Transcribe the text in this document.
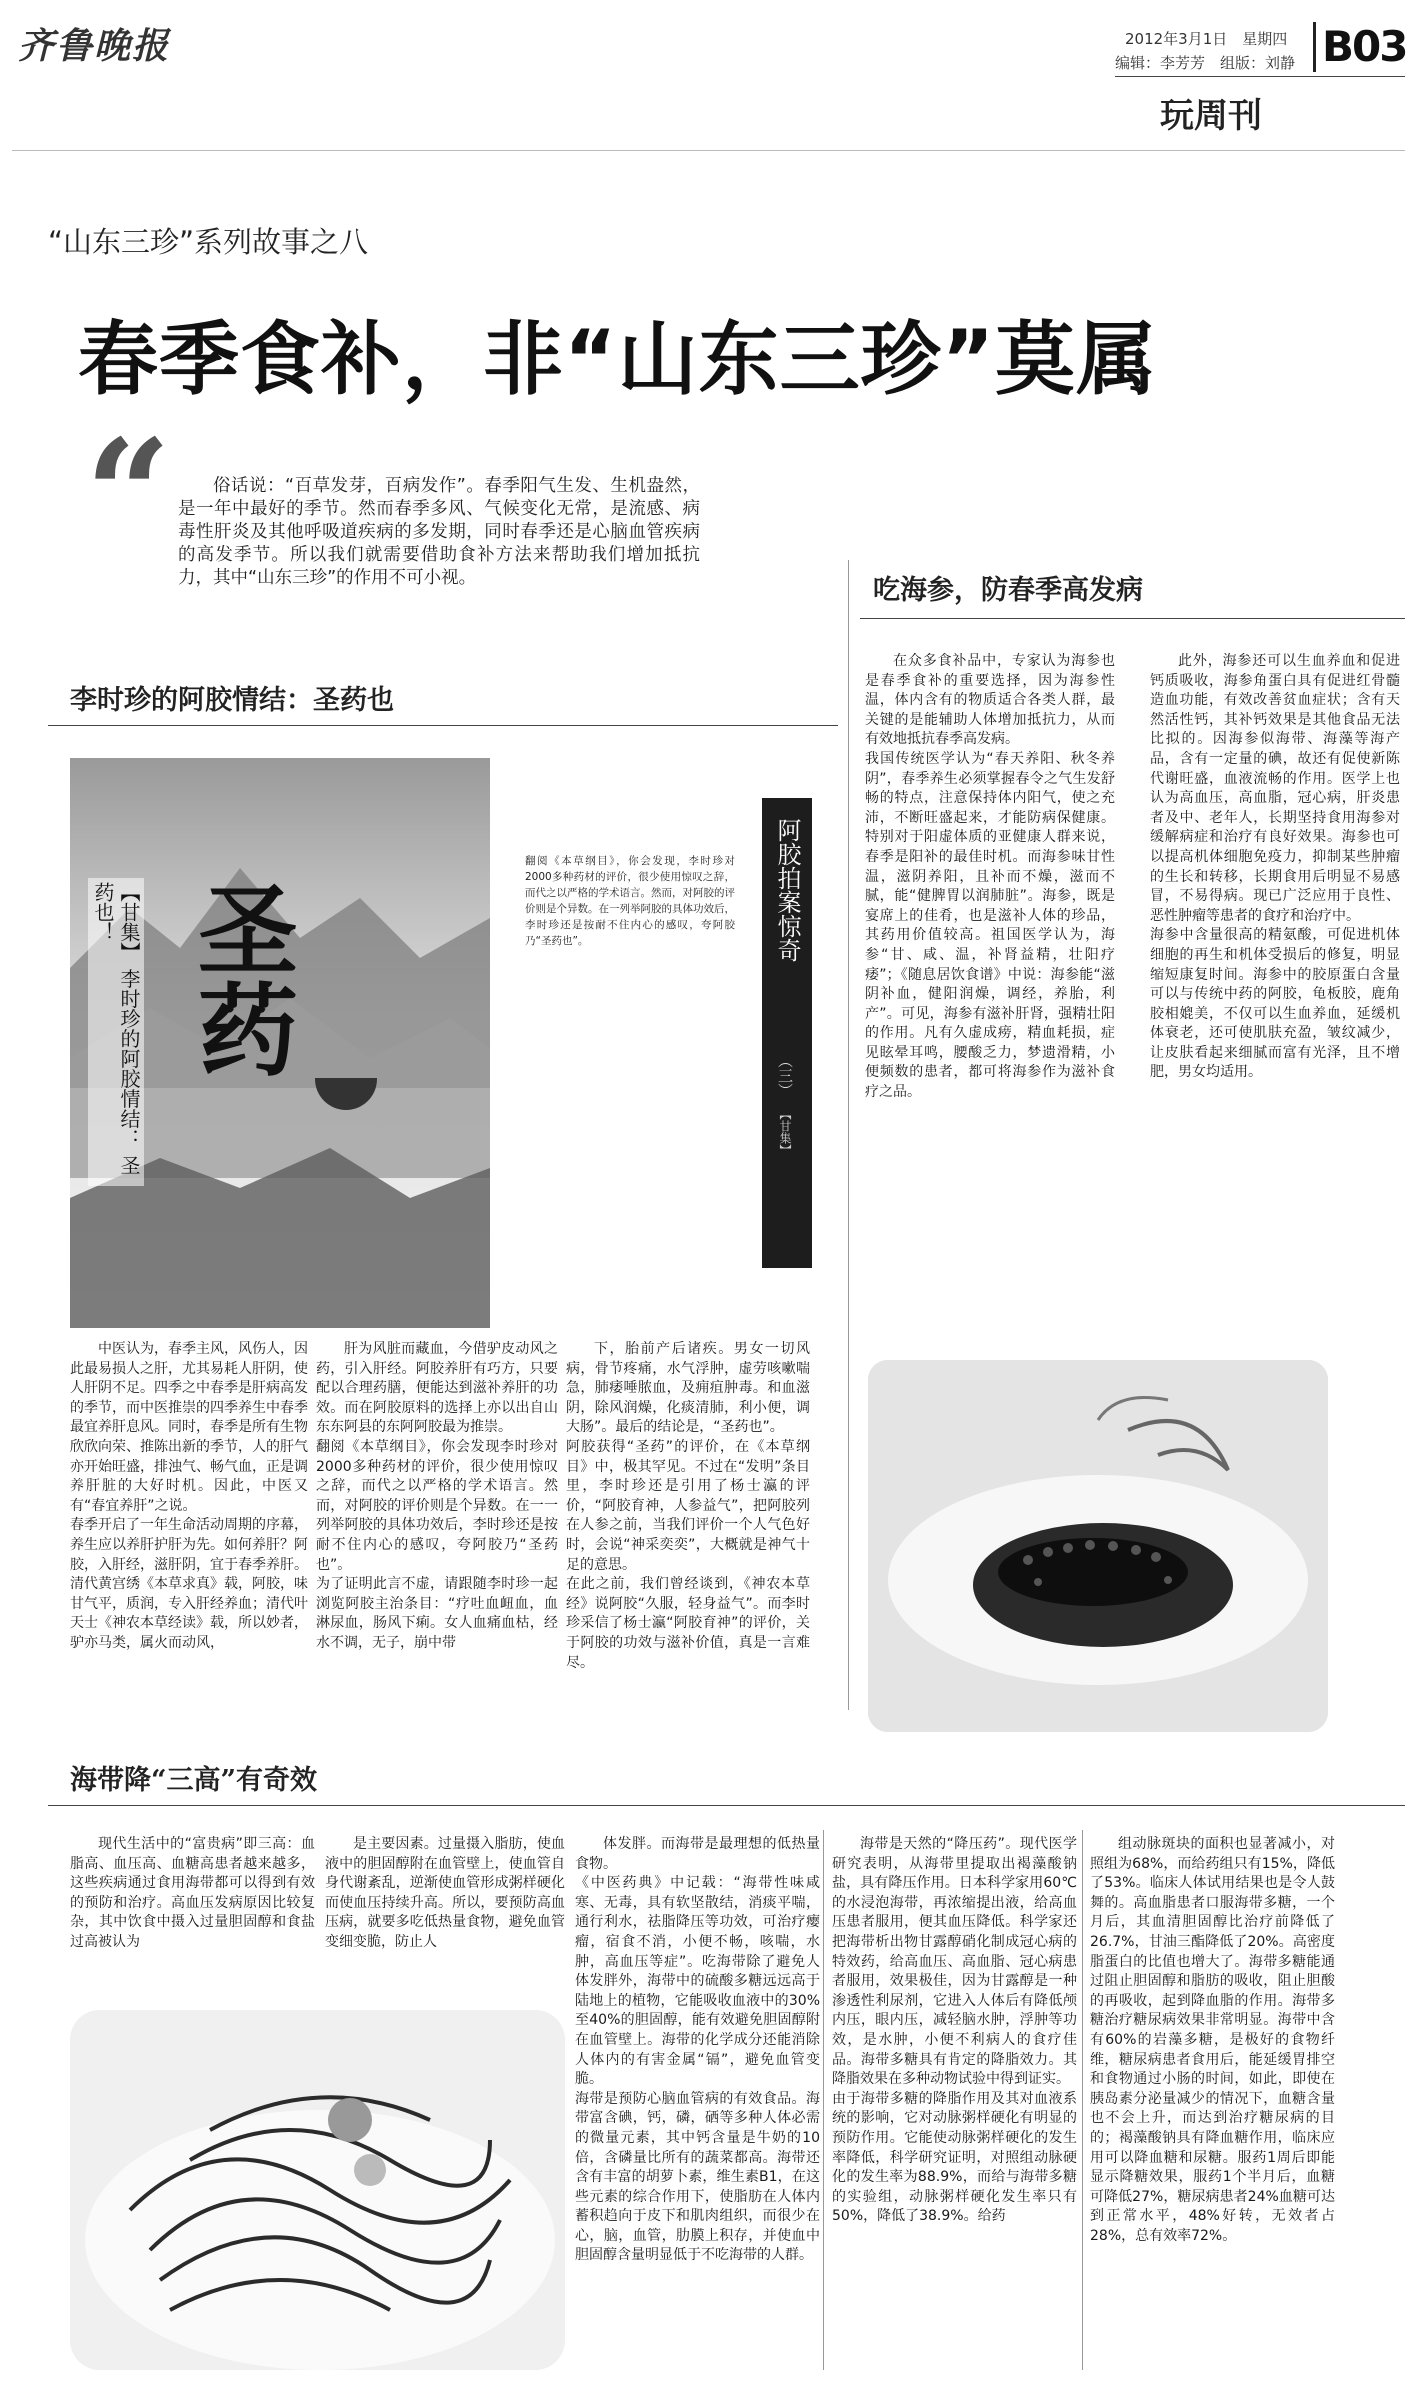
齐鲁晚报	2012年3月1日　星期四
编辑：李芳芳　组版：刘静 B03
玩周刊
“山东三珍”系列故事之八
春季食补，非“山东三珍”莫属
“	俗话说：“百草发芽，百病发作”。春季阳气生发、生机盎然，是一年中最好的季节。然而春季多风、气候变化无常，是流感、病毒性肝炎及其他呼吸道疾病的多发期，同时春季还是心脑血管疾病的高发季节。所以我们就需要借助食补方法来帮助我们增加抵抗力，其中“山东三珍”的作用不可小视。
李时珍的阿胶情结：圣药也
圣药
【甘集】 李时珍的阿胶情结： 圣药也！
翻阅《本草纲目》，你会发现，李时珍对2000多种药材的评价，很少使用惊叹之辞，而代之以严格的学术语言。然而，对阿胶的评价则是个异数。在一列举阿胶的具体功效后，李时珍还是按耐不住内心的感叹，夸阿胶乃“圣药也”。	阿胶拍案惊奇
（三）
【甘集】

中医认为，春季主风，风伤人，因此最易损人之肝，尤其易耗人肝阴，使人肝阴不足。四季之中春季是肝病高发的季节，而中医推崇的四季养生中春季最宜养肝息风。同时，春季是所有生物欣欣向荣、推陈出新的季节，人的肝气亦开始旺盛，排浊气、畅气血，正是调养肝脏的大好时机。因此，中医又有“春宜养肝”之说。
春季开启了一年生命活动周期的序幕，养生应以养肝护肝为先。如何养肝？阿胶，入肝经，滋肝阴，宜于春季养肝。清代黄宫绣《本草求真》载，阿胶，味甘气平，质润，专入肝经养血；清代叶天士《神农本草经读》载，所以妙者，驴亦马类，属火而动风，

肝为风脏而藏血，今借驴皮动风之药，引入肝经。阿胶养肝有巧方，只要配以合理药膳，便能达到滋补养肝的功效。而在阿胶原料的选择上亦以出自山东东阿县的东阿阿胶最为推崇。
翻阅《本草纲目》，你会发现李时珍对2000多种药材的评价，很少使用惊叹之辞，而代之以严格的学术语言。然而，对阿胶的评价则是个异数。在一一列举阿胶的具体功效后，李时珍还是按耐不住内心的感叹，夸阿胶乃“圣药也”。
为了证明此言不虚，请跟随李时珍一起浏览阿胶主治条目：“疗吐血衄血，血淋尿血，肠风下痢。女人血痛血枯，经水不调，无子，崩中带

下，胎前产后诸疾。男女一切风病，骨节疼痛，水气浮肿，虚劳咳嗽喘急，肺痿唾脓血，及痈疽肿毒。和血滋阴，除风润燥，化痰清肺，利小便，调大肠”。最后的结论是，“圣药也”。
阿胶获得“圣药”的评价，在《本草纲目》中，极其罕见。不过在“发明”条目里，李时珍还是引用了杨士瀛的评价，“阿胶育神，人参益气”，把阿胶列在人参之前，当我们评价一个人气色好时，会说“神采奕奕”，大概就是神气十足的意思。
在此之前，我们曾经谈到，《神农本草经》说阿胶“久服，轻身益气”。而李时珍采信了杨士瀛“阿胶育神”的评价，关于阿胶的功效与滋补价值，真是一言难尽。

吃海参，防春季高发病

在众多食补品中，专家认为海参也是春季食补的重要选择，因为海参性温，体内含有的物质适合各类人群，最关键的是能辅助人体增加抵抗力，从而有效地抵抗春季高发病。
我国传统医学认为“春天养阳、秋冬养阴”，春季养生必须掌握春令之气生发舒畅的特点，注意保持体内阳气，使之充沛，不断旺盛起来，才能防病保健康。特别对于阳虚体质的亚健康人群来说，春季是阳补的最佳时机。而海参味甘性温，滋阴养阳，且补而不燥，滋而不腻，能“健脾胃以润肺脏”。海参，既是宴席上的佳肴，也是滋补人体的珍品，其药用价值较高。祖国医学认为，海参“甘、咸、温，补肾益精，壮阳疗痿”；《随息居饮食谱》中说：海参能“滋阴补血，健阳润燥，调经，养胎，利产”。可见，海参有滋补肝肾，强精壮阳的作用。凡有久虚成痨，精血耗损，症见眩晕耳鸣，腰酸乏力，梦遗滑精，小便频数的患者，都可将海参作为滋补食疗之品。

此外，海参还可以生血养血和促进钙质吸收，海参角蛋白具有促进红骨髓造血功能，有效改善贫血症状；含有天然活性钙，其补钙效果是其他食品无法比拟的。因海参似海带、海藻等海产品，含有一定量的碘，故还有促使新陈代谢旺盛，血液流畅的作用。医学上也认为高血压，高血脂，冠心病，肝炎患者及中、老年人，长期坚持食用海参对缓解病症和治疗有良好效果。海参也可以提高机体细胞免疫力，抑制某些肿瘤的生长和转移，长期食用后明显不易感冒，不易得病。现已广泛应用于良性、恶性肿瘤等患者的食疗和治疗中。
海参中含量很高的精氨酸，可促进机体细胞的再生和机体受损后的修复，明显缩短康复时间。海参中的胶原蛋白含量可以与传统中药的阿胶，龟板胶，鹿角胶相媲美，不仅可以生血养血，延缓机体衰老，还可使肌肤充盈，皱纹减少，让皮肤看起来细腻而富有光泽，且不增肥，男女均适用。

海带降“三高”有奇效

现代生活中的“富贵病”即三高：血脂高、血压高、血糖高患者越来越多，这些疾病通过食用海带都可以得到有效的预防和治疗。高血压发病原因比较复杂，其中饮食中摄入过量胆固醇和食盐过高被认为

是主要因素。过量摄入脂肪，使血液中的胆固醇附在血管壁上，使血管自身代谢紊乱，逆渐使血管形成粥样硬化而使血压持续升高。所以，要预防高血压病，就要多吃低热量食物，避免血管变细变脆，防止人

体发胖。而海带是最理想的低热量食物。
《中医药典》中记载：“海带性味咸寒、无毒，具有软坚散结，消痰平喘，通行利水，祛脂降压等功效，可治疗瘿瘤，宿食不消，小便不畅，咳喘，水肿，高血压等症”。吃海带除了避免人体发胖外，海带中的硫酸多糖远远高于陆地上的植物，它能吸收血液中的30%至40%的胆固醇，能有效避免胆固醇附在血管壁上。海带的化学成分还能消除人体内的有害金属“镉”，避免血管变脆。
海带是预防心脑血管病的有效食品。海带富含碘，钙，磷，硒等多种人体必需的微量元素，其中钙含量是牛奶的10倍，含磷量比所有的蔬菜都高。海带还含有丰富的胡萝卜素，维生素B1，在这些元素的综合作用下，使脂肪在人体内蓄积趋向于皮下和肌肉组织，而很少在心，脑，血管，肋膜上积存，并使血中胆固醇含量明显低于不吃海带的人群。

海带是天然的“降压药”。现代医学研究表明，从海带里提取出褐藻酸钠盐，具有降压作用。日本科学家用60℃的水浸泡海带，再浓缩提出液，给高血压患者服用，便其血压降低。科学家还把海带析出物甘露醇硝化制成冠心病的特效药，给高血压、高血脂、冠心病患者服用，效果极佳，因为甘露醇是一种渗透性利尿剂，它进入人体后有降低颅内压，眼内压，减轻脑水肿，浮肿等功效，是水肿，小便不利病人的食疗佳品。海带多糖具有肯定的降脂效力。其降脂效果在多种动物试验中得到证实。
由于海带多糖的降脂作用及其对血液系统的影响，它对动脉粥样硬化有明显的预防作用。它能使动脉粥样硬化的发生率降低，科学研究证明，对照组动脉硬化的发生率为88.9%，而给与海带多糖的实验组，动脉粥样硬化发生率只有50%，降低了38.9%。给药

组动脉斑块的面积也显著减小，对照组为68%，而给药组只有15%，降低了53%。临床人体试用结果也是令人鼓舞的。高血脂患者口服海带多糖，一个月后，其血清胆固醇比治疗前降低了26.7%，甘油三酯降低了20%。高密度脂蛋白的比值也增大了。海带多糖能通过阻止胆固醇和脂肪的吸收，阻止胆酸的再吸收，起到降血脂的作用。海带多糖治疗糖尿病效果非常明显。海带中含有60%的岩藻多糖，是极好的食物纤维，糖尿病患者食用后，能延缓胃排空和食物通过小肠的时间，如此，即使在胰岛素分泌量减少的情况下，血糖含量也不会上升，而达到治疗糖尿病的目的；褐藻酸钠具有降血糖作用，临床应用可以降血糖和尿糖。服药1周后即能显示降糖效果，服药1个半月后，血糖可降低27%，糖尿病患者24%血糖可达到正常水平，48%好转，无效者占28%，总有效率72%。
